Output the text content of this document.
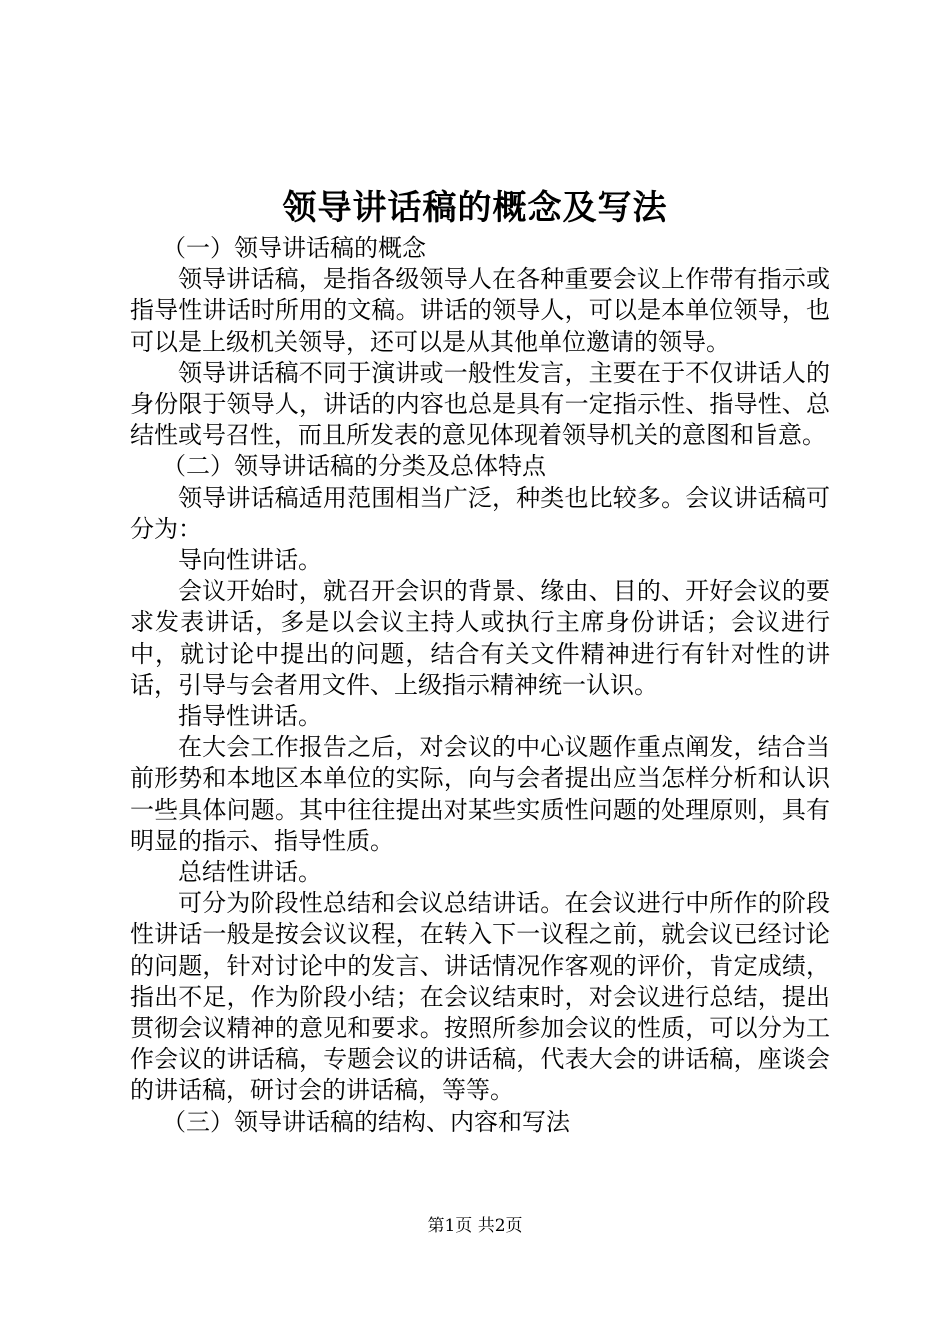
领导讲话稿的概念及写法

（一）领导讲话稿的概念

领导讲话稿，是指各级领导人在各种重要会议上作带有指示或指导性讲话时所用的文稿。讲话的领导人，可以是本单位领导，也可以是上级机关领导，还可以是从其他单位邀请的领导。

领导讲话稿不同于演讲或一般性发言，主要在于不仅讲话人的身份限于领导人，讲话的内容也总是具有一定指示性、指导性、总结性或号召性，而且所发表的意见体现着领导机关的意图和旨意。

（二）领导讲话稿的分类及总体特点

领导讲话稿适用范围相当广泛，种类也比较多。会议讲话稿可分为：

导向性讲话。

会议开始时，就召开会识的背景、缘由、目的、开好会议的要求发表讲话，多是以会议主持人或执行主席身份讲话；会议进行中，就讨论中提出的问题，结合有关文件精神进行有针对性的讲话，引导与会者用文件、上级指示精神统一认识。

指导性讲话。

在大会工作报告之后，对会议的中心议题作重点阐发，结合当前形势和本地区本单位的实际，向与会者提出应当怎样分析和认识一些具体问题。其中往往提出对某些实质性问题的处理原则，具有明显的指示、指导性质。

总结性讲话。

可分为阶段性总结和会议总结讲话。在会议进行中所作的阶段性讲话一般是按会议议程，在转入下一议程之前，就会议已经讨论的问题，针对讨论中的发言、讲话情况作客观的评价，肯定成绩，指出不足，作为阶段小结；在会议结束时，对会议进行总结，提出贯彻会议精神的意见和要求。按照所参加会议的性质，可以分为工作会议的讲话稿，专题会议的讲话稿，代表大会的讲话稿，座谈会的讲话稿，研讨会的讲话稿，等等。

（三）领导讲话稿的结构、内容和写法

第1页 共2页
